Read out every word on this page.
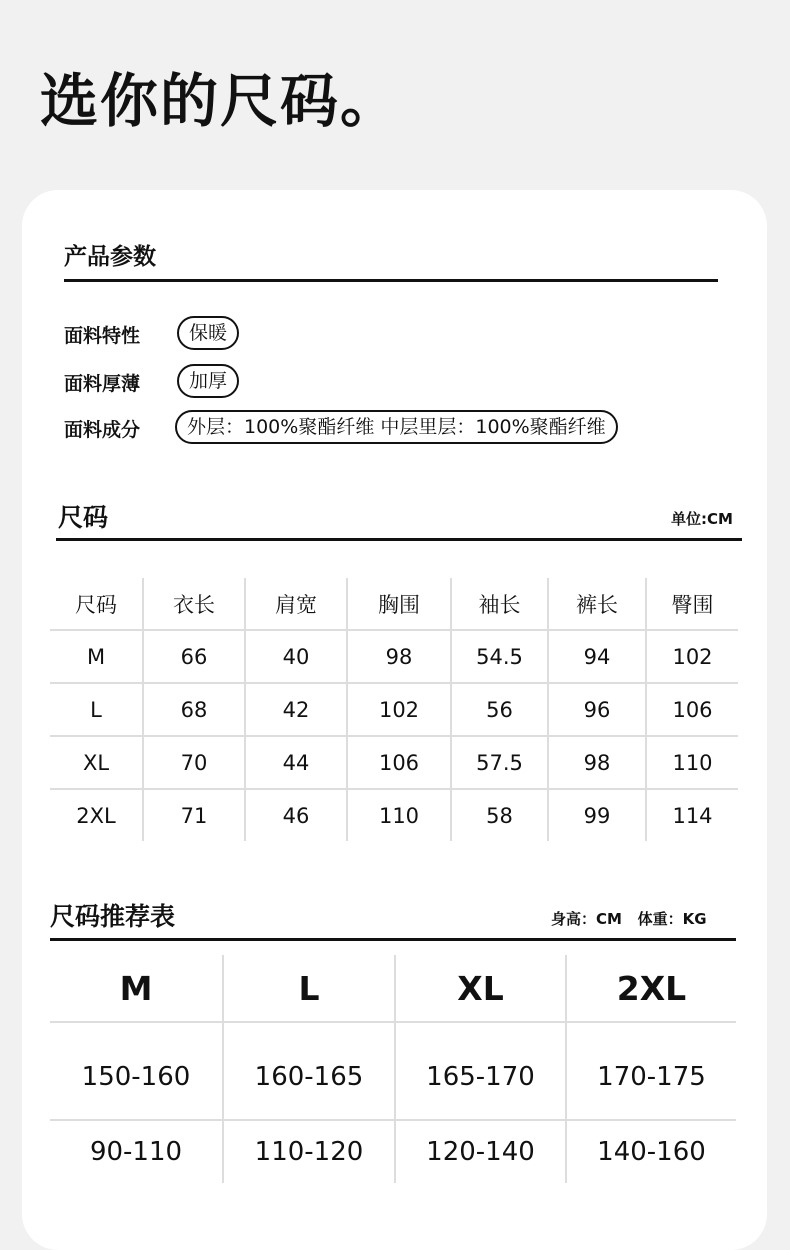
选你的尺码。
产品参数
面料特性	保暖
面料厚薄	加厚
面料成分	外层：100%聚酯纤维 中层里层：100%聚酯纤维
尺码	单位:CM
尺码	衣长	肩宽	胸围	袖长	裤长	臀围
M	66	40	98	54.5	94	102
L	68	42	102	56	96	106
XL	70	44	106	57.5	98	110
2XL	71	46	110	58	99	114
尺码推荐表	身高：CM   体重：KG
M	L	XL	2XL
150-160	160-165	165-170	170-175
90-110	110-120	120-140	140-160
